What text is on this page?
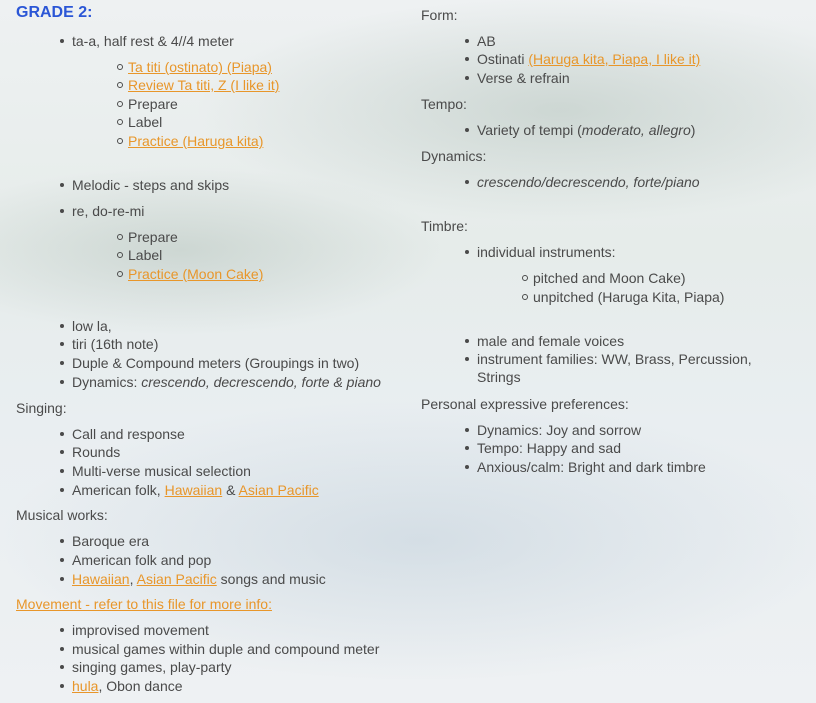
GRADE 2:
ta-a, half rest & 4//4 meter
Ta titi (ostinato) (Piapa)
Review Ta titi, Z (I like it)
Prepare
Label
Practice (Haruga kita)
Melodic - steps and skips
re, do-re-mi
Prepare
Label
Practice (Moon Cake)
low la,
tiri (16th note)
Duple & Compound meters (Groupings in two)
Dynamics: crescendo, decrescendo, forte & piano
Singing:
Call and response
Rounds
Multi-verse musical selection
American folk, Hawaiian & Asian Pacific
Musical works:
Baroque era
American folk and pop
Hawaiian, Asian Pacific songs and music
Movement - refer to this file for more info:
improvised movement
musical games within duple and compound meter
singing games, play-party
hula, Obon dance
Form:
AB
Ostinati (Haruga kita, Piapa, I like it)
Verse & refrain
Tempo:
Variety of tempi (moderato, allegro)
Dynamics:
crescendo/decrescendo, forte/piano
Timbre:
individual instruments:
pitched and Moon Cake)
unpitched (Haruga Kita, Piapa)
male and female voices
instrument families: WW, Brass, Percussion, Strings
Personal expressive preferences:
Dynamics: Joy and sorrow
Tempo: Happy and sad
Anxious/calm: Bright and dark timbre
